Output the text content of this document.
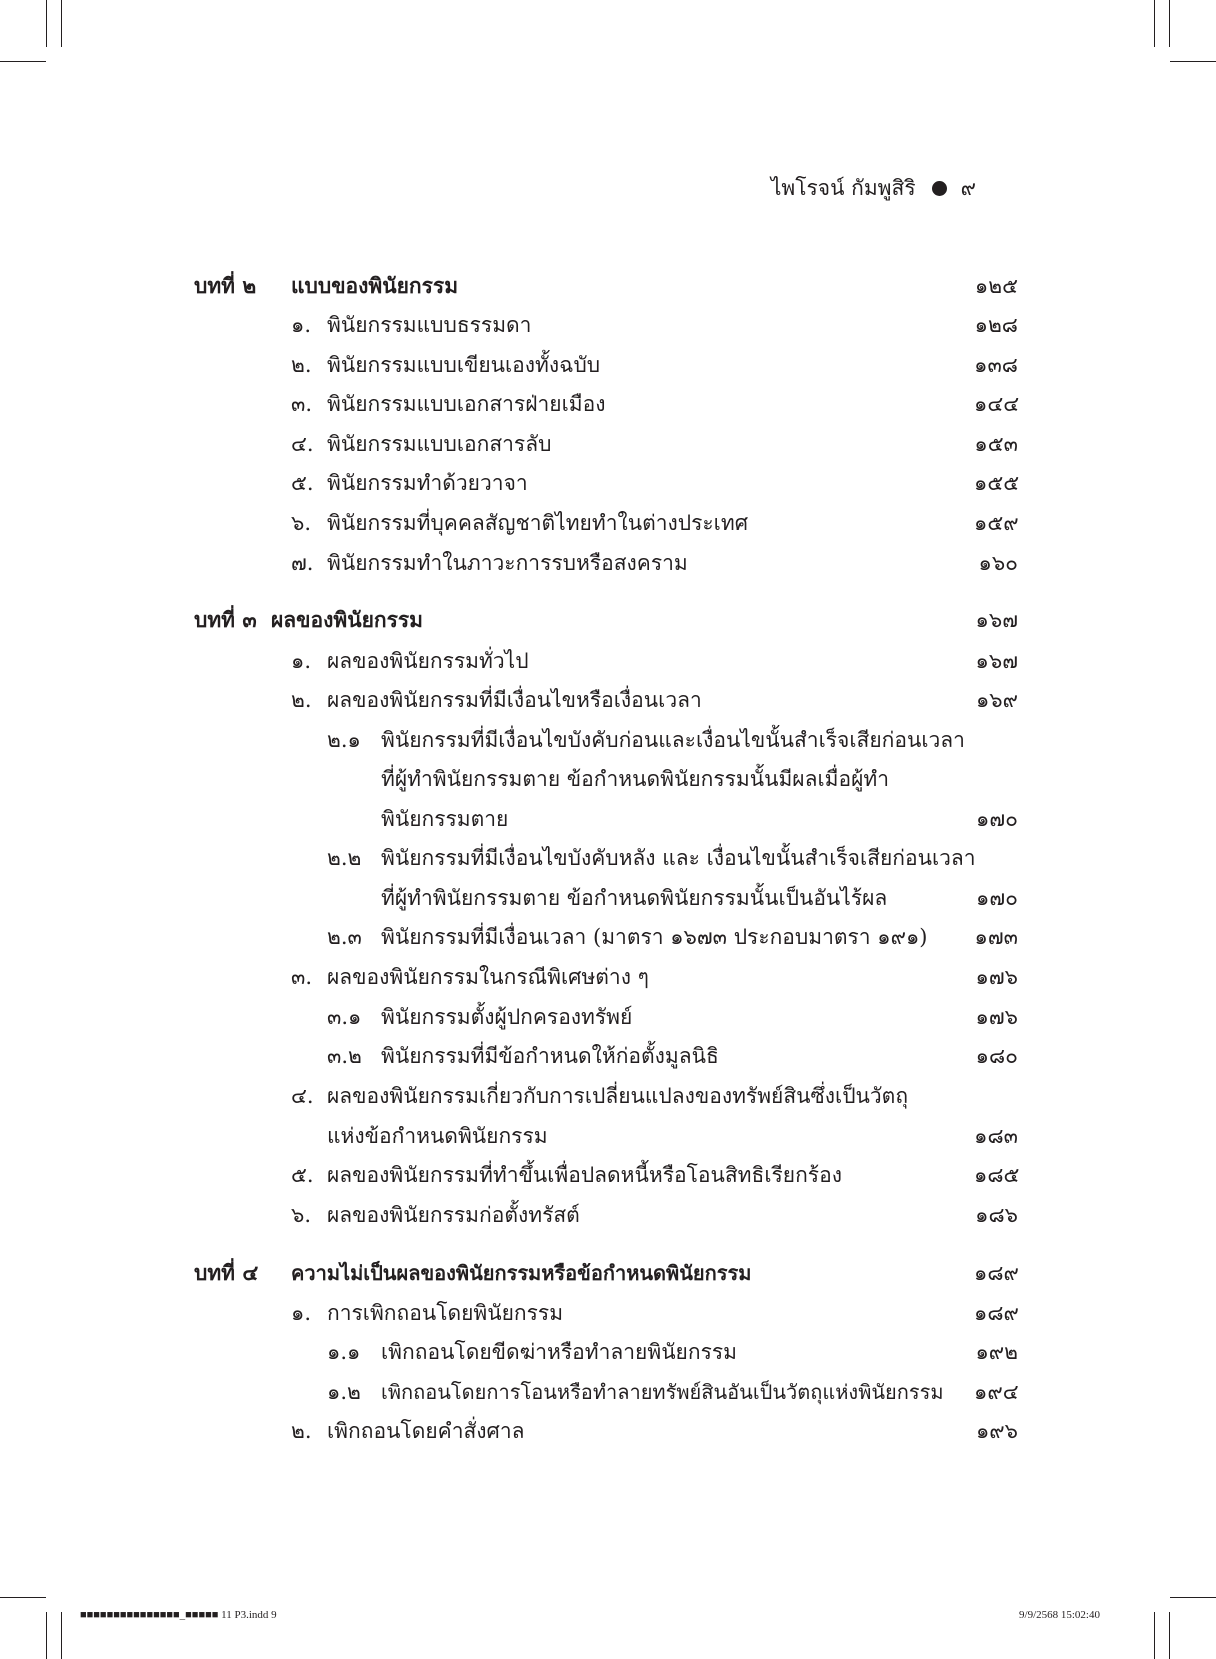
ไพโรจน์ กัมพูสิริ ๙
บทที่ ๒ แบบของพินัยกรรม	๑๒๕
๑. พินัยกรรมแบบธรรมดา	๑๒๘
๒. พินัยกรรมแบบเขียนเองทั้งฉบับ	๑๓๘
๓. พินัยกรรมแบบเอกสารฝ่ายเมือง	๑๔๔
๔. พินัยกรรมแบบเอกสารลับ	๑๕๓
๕. พินัยกรรมทำด้วยวาจา	๑๕๕
๖. พินัยกรรมที่บุคคลสัญชาติไทยทำในต่างประเทศ	๑๕๙
๗. พินัยกรรมทำในภาวะการรบหรือสงคราม	๑๖๐
บทที่ ๓ ผลของพินัยกรรม	๑๖๗
๑. ผลของพินัยกรรมทั่วไป	๑๖๗
๒. ผลของพินัยกรรมที่มีเงื่อนไขหรือเงื่อนเวลา	๑๖๙
๒.๑ พินัยกรรมที่มีเงื่อนไขบังคับก่อนและเงื่อนไขนั้นสำเร็จเสียก่อนเวลา
ที่ผู้ทำพินัยกรรมตาย ข้อกำหนดพินัยกรรมนั้นมีผลเมื่อผู้ทำ
พินัยกรรมตาย	๑๗๐
๒.๒ พินัยกรรมที่มีเงื่อนไขบังคับหลัง และ เงื่อนไขนั้นสำเร็จเสียก่อนเวลา
ที่ผู้ทำพินัยกรรมตาย ข้อกำหนดพินัยกรรมนั้นเป็นอันไร้ผล	๑๗๐
๒.๓ พินัยกรรมที่มีเงื่อนเวลา (มาตรา ๑๖๗๓ ประกอบมาตรา ๑๙๑) ๑๗๓
๓. ผลของพินัยกรรมในกรณีพิเศษต่าง ๆ	๑๗๖
๓.๑ พินัยกรรมตั้งผู้ปกครองทรัพย์	๑๗๖
๓.๒ พินัยกรรมที่มีข้อกำหนดให้ก่อตั้งมูลนิธิ	๑๘๐
๔. ผลของพินัยกรรมเกี่ยวกับการเปลี่ยนแปลงของทรัพย์สินซึ่งเป็นวัตถุ
แห่งข้อกำหนดพินัยกรรม	๑๘๓
๕. ผลของพินัยกรรมที่ทำขึ้นเพื่อปลดหนี้หรือโอนสิทธิเรียกร้อง	๑๘๕
๖. ผลของพินัยกรรมก่อตั้งทรัสต์	๑๘๖
บทที่ ๔ ความไม่เป็นผลของพินัยกรรมหรือข้อกำหนดพินัยกรรม	๑๘๙
๑. การเพิกถอนโดยพินัยกรรม	๑๘๙
๑.๑ เพิกถอนโดยขีดฆ่าหรือทำลายพินัยกรรม	๑๙๒
๑.๒ เพิกถอนโดยการโอนหรือทำลายทรัพย์สินอันเป็นวัตถุแห่งพินัยกรรม ๑๙๔
๒. เพิกถอนโดยคำสั่งศาล	๑๙๖
■■■■■■■■■■■■■■■_■■■■■ 11 P3.indd 9	9/9/2568 15:02:40
